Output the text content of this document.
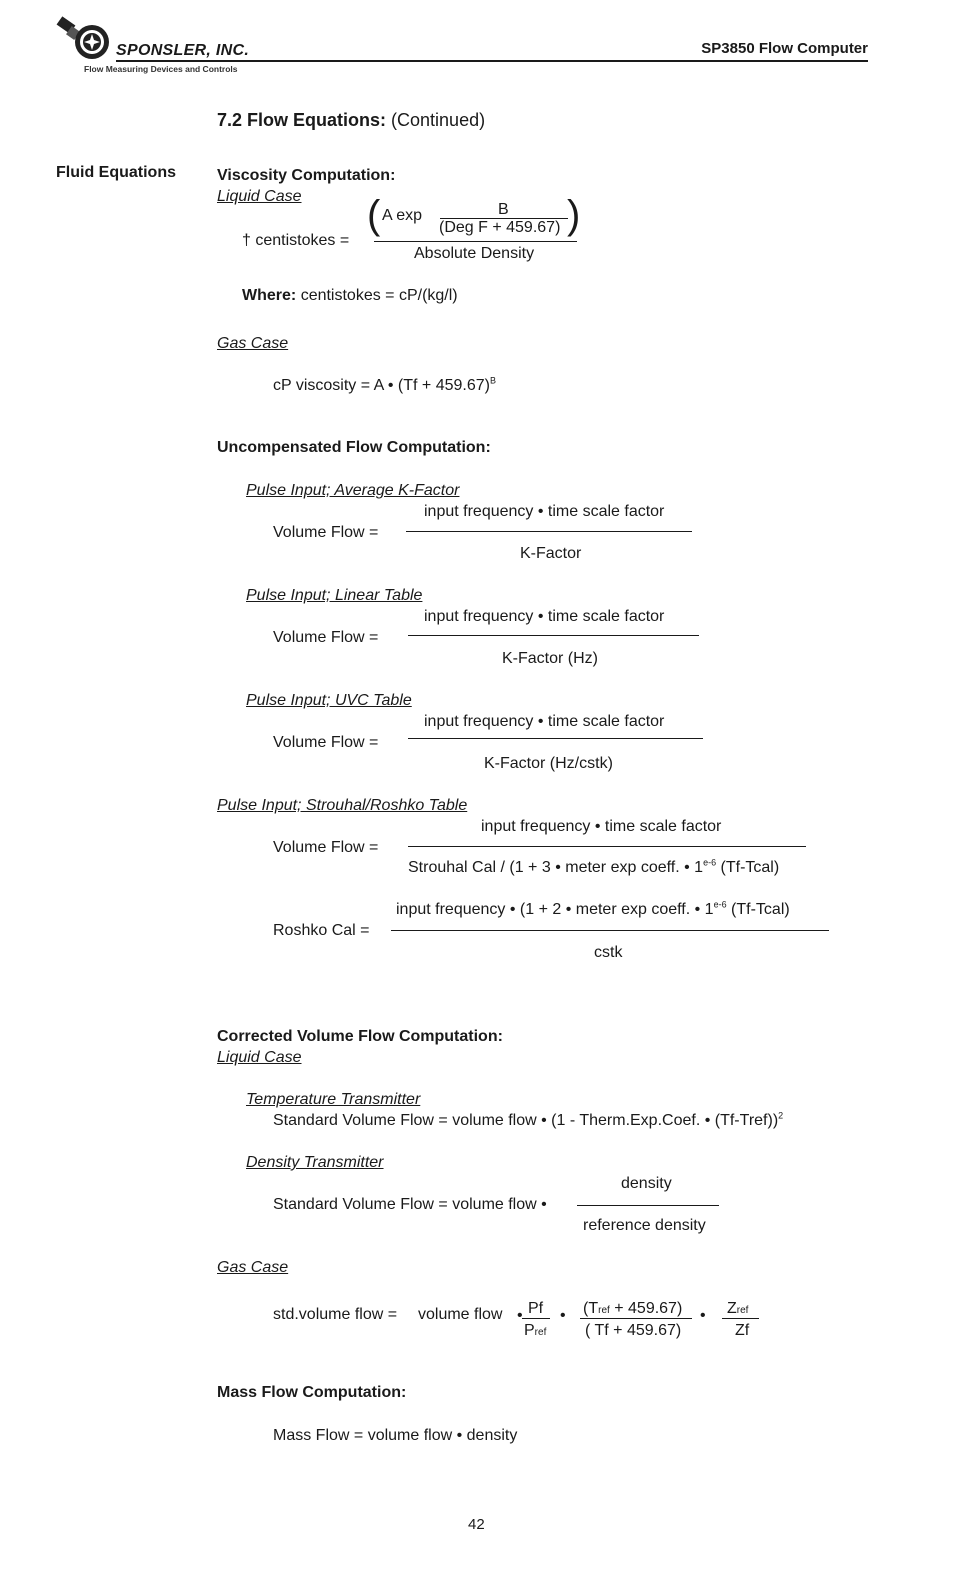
SPONSLER, INC.
Flow Measuring Devices and Controls
SP3850 Flow Computer
7.2 Flow Equations: (Continued)
Fluid Equations	Viscosity Computation:
Liquid Case
† centistokes =
( A exp	B
(Deg F + 459.67) )
Absolute Density
Where: centistokes = cP/(kg/l)
Gas Case
cP viscosity = A • $(Tf + 459.67)^B$
Uncompensated Flow Computation:
Pulse Input; Average K-Factor
Volume Flow =
input frequency • time scale factor
K-Factor
Pulse Input; Linear Table
Volume Flow =
input frequency • time scale factor
K-Factor (Hz)
Pulse Input; UVC Table
Volume Flow =
input frequency • time scale factor
K-Factor (Hz/cstk)
Pulse Input; Strouhal/Roshko Table
Volume Flow =
input frequency • time scale factor
Strouhal Cal / (1 + 3 • meter exp coeff. • 1$^{e-6}$ (Tf-Tcal)
Roshko Cal =
input frequency • (1 + 2 • meter exp coeff. • 1$^{e-6}$ (Tf-Tcal)
cstk
Corrected Volume Flow Computation:
Liquid Case
Temperature Transmitter
Standard Volume Flow = volume flow • (1 - Therm.Exp.Coef. • (Tf-Tref))$^2$
Density Transmitter
Standard Volume Flow = volume flow •
density
reference density
Gas Case
std.volume flow = volume flow • Pf
Pref
• (Tref + 459.67)
( Tf + 459.67)
• Zref
Zf
Mass Flow Computation:
Mass Flow = volume flow • density
42
